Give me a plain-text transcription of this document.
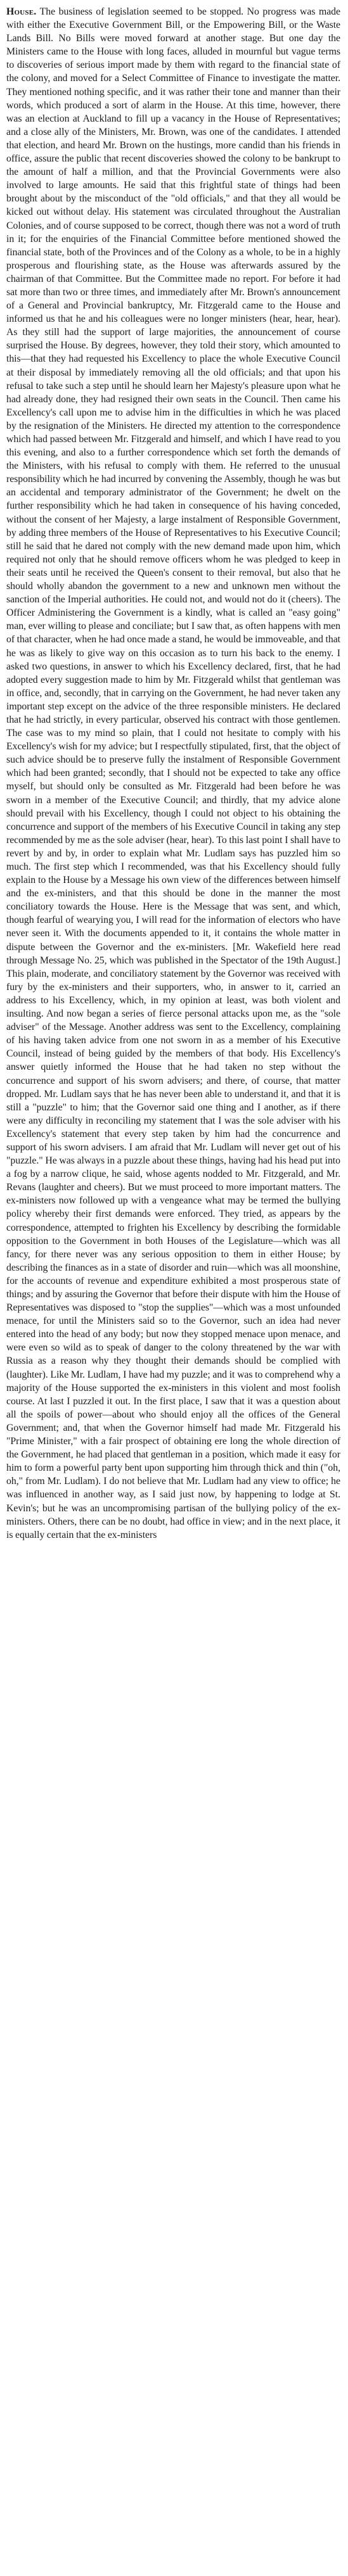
House. The business of legislation seemed to be stopped. No progress was made with either the Executive Government Bill, or the Empowering Bill, or the Waste Lands Bill. No Bills were moved forward at another stage. But one day the Ministers came to the House with long faces, alluded in mournful but vague terms to discoveries of serious import made by them with regard to the financial state of the colony, and moved for a Select Committee of Finance to investigate the matter. They mentioned nothing specific, and it was rather their tone and manner than their words, which produced a sort of alarm in the House. At this time, however, there was an election at Auckland to fill up a vacancy in the House of Representatives; and a close ally of the Ministers, Mr. Brown, was one of the candidates. I attended that election, and heard Mr. Brown on the hustings, more candid than his friends in office, assure the public that recent discoveries showed the colony to be bankrupt to the amount of half a million, and that the Provincial Governments were also involved to large amounts. He said that this frightful state of things had been brought about by the misconduct of the "old officials," and that they all would be kicked out without delay. His statement was circulated throughout the Australian Colonies, and of course supposed to be correct, though there was not a word of truth in it; for the enquiries of the Financial Committee before mentioned showed the financial state, both of the Provinces and of the Colony as a whole, to be in a highly prosperous and flourishing state, as the House was afterwards assured by the chairman of that Committee. But the Committee made no report. For before it had sat more than two or three times, and immediately after Mr. Brown's announcement of a General and Provincial bankruptcy, Mr. Fitzgerald came to the House and informed us that he and his colleagues were no longer ministers (hear, hear, hear). As they still had the support of large majorities, the announcement of course surprised the House. By degrees, however, they told their story, which amounted to this—that they had requested his Excellency to place the whole Executive Council at their disposal by immediately removing all the old officials; and that upon his refusal to take such a step until he should learn her Majesty's pleasure upon what he had already done, they had resigned their own seats in the Council. Then came his Excellency's call upon me to advise him in the difficulties in which he was placed by the resignation of the Ministers. He directed my attention to the correspondence which had passed between Mr. Fitzgerald and himself, and which I have read to you this evening, and also to a further correspondence which set forth the demands of the Ministers, with his refusal to comply with them. He referred to the unusual responsibility which he had incurred by convening the Assembly, though he was but an accidental and temporary administrator of the Government; he dwelt on the further responsibility which he had taken in consequence of his having conceded, without the consent of her Majesty, a large instalment of Responsible Government, by adding three members of the House of Representatives to his Executive Council; still he said that he dared not comply with the new demand made upon him, which required not only that he should remove officers whom he was pledged to keep in their seats until he received the Queen's consent to their removal, but also that he should wholly abandon the government to a new and unknown men without the sanction of the Imperial authorities. He could not, and would not do it (cheers). The Officer Administering the Government is a kindly, what is called an "easy going" man, ever willing to please and conciliate; but I saw that, as often happens with men of that character, when he had once made a stand, he would be immoveable, and that he was as likely to give way on this occasion as to turn his back to the enemy. I asked two questions, in answer to which his Excellency declared, first, that he had adopted every suggestion made to him by Mr. Fitzgerald whilst that gentleman was in office, and, secondly, that in carrying on the Government, he had never taken any important step except on the advice of the three responsible ministers. He declared that he had strictly, in every particular, observed his contract with those gentlemen. The case was to my mind so plain, that I could not hesitate to comply with his Excellency's wish for my advice; but I respectfully stipulated, first, that the object of such advice should be to preserve fully the instalment of Responsible Government which had been granted; secondly, that I should not be expected to take any office myself, but should only be consulted as Mr. Fitzgerald had been before he was sworn in a member of the Executive Council; and thirdly, that my advice alone should prevail with his Excellency, though I could not object to his obtaining the concurrence and support of the members of his Executive Council in taking any step recommended by me as the sole adviser (hear, hear). To this last point I shall have to revert by and by, in order to explain what Mr. Ludlam says has puzzled him so much. The first step which I recommended, was that his Excellency should fully explain to the House by a Message his own view of the differences between himself and the ex-ministers, and that this should be done in the manner the most conciliatory towards the House. Here is the Message that was sent, and which, though fearful of wearying you, I will read for the information of electors who have never seen it. With the documents appended to it, it contains the whole matter in dispute between the Governor and the ex-ministers. [Mr. Wakefield here read through Message No. 25, which was published in the Spectator of the 19th August.] This plain, moderate, and conciliatory statement by the Governor was received with fury by the ex-ministers and their supporters, who, in answer to it, carried an address to his Excellency, which, in my opinion at least, was both violent and insulting. And now began a series of fierce personal attacks upon me, as the "sole adviser" of the Message. Another address was sent to the Excellency, complaining of his having taken advice from one not sworn in as a member of his Executive Council, instead of being guided by the members of that body. His Excellency's answer quietly informed the House that he had taken no step without the concurrence and support of his sworn advisers; and there, of course, that matter dropped. Mr. Ludlam says that he has never been able to understand it, and that it is still a "puzzle" to him; that the Governor said one thing and I another, as if there were any difficulty in reconciling my statement that I was the sole adviser with his Excellency's statement that every step taken by him had the concurrence and support of his sworn advisers. I am afraid that Mr. Ludlam will never get out of his "puzzle." He was always in a puzzle about these things, having had his head put into a fog by a narrow clique, he said, whose agents nodded to Mr. Fitzgerald, and Mr. Revans (laughter and cheers). But we must proceed to more important matters. The ex-ministers now followed up with a vengeance what may be termed the bullying policy whereby their first demands were enforced. They tried, as appears by the correspondence, attempted to frighten his Excellency by describing the formidable opposition to the Government in both Houses of the Legislature—which was all fancy, for there never was any serious opposition to them in either House; by describing the finances as in a state of disorder and ruin—which was all moonshine, for the accounts of revenue and expenditure exhibited a most prosperous state of things; and by assuring the Governor that before their dispute with him the House of Representatives was disposed to "stop the supplies"—which was a most unfounded menace, for until the Ministers said so to the Governor, such an idea had never entered into the head of any body; but now they stopped menace upon menace, and were even so wild as to speak of danger to the colony threatened by the war with Russia as a reason why they thought their demands should be complied with (laughter). Like Mr. Ludlam, I have had my puzzle; and it was to comprehend why a majority of the House supported the ex-ministers in this violent and most foolish course. At last I puzzled it out. In the first place, I saw that it was a question about all the spoils of power—about who should enjoy all the offices of the General Government; and, that when the Governor himself had made Mr. Fitzgerald his "Prime Minister," with a fair prospect of obtaining ere long the whole direction of the Government, he had placed that gentleman in a position, which made it easy for him to form a powerful party bent upon supporting him through thick and thin ("oh, oh," from Mr. Ludlam). I do not believe that Mr. Ludlam had any view to office; he was influenced in another way, as I said just now, by happening to lodge at St. Kevin's; but he was an uncompromising partisan of the bullying policy of the ex-ministers. Others, there can be no doubt, had office in view; and in the next place, it is equally certain that the ex-ministers
